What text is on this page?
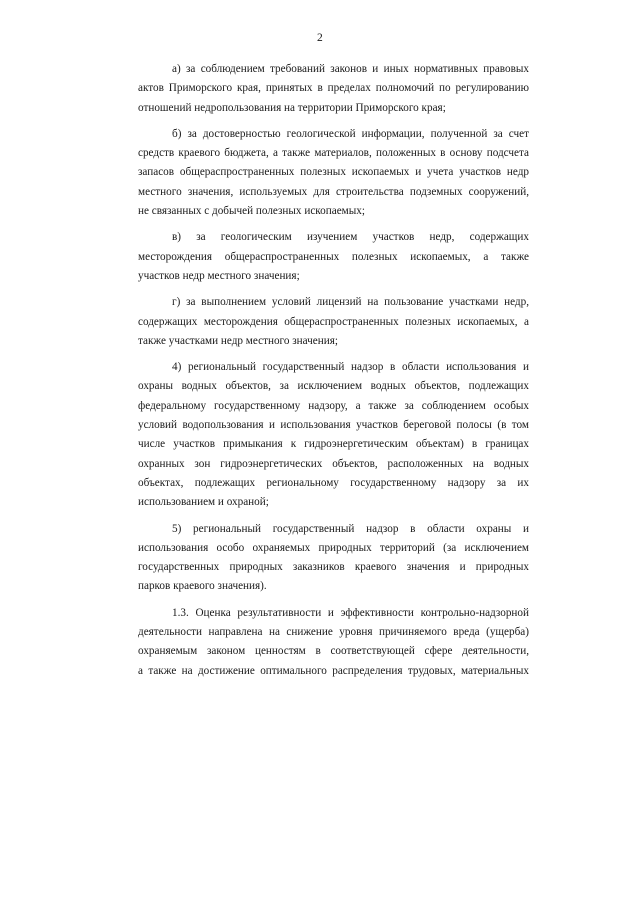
2
а) за соблюдением требований законов и иных нормативных правовых
актов Приморского края, принятых в пределах полномочий по регулированию
отношений недропользования на территории Приморского края;
б) за достоверностью геологической информации, полученной за счет
средств краевого бюджета, а также материалов, положенных в основу подсчета
запасов общераспространенных полезных ископаемых и учета участков недр
местного значения, используемых для строительства подземных сооружений,
не связанных с добычей полезных ископаемых;
в) за геологическим изучением участков недр, содержащих
месторождения общераспространенных полезных ископаемых, а также
участков недр местного значения;
г) за выполнением условий лицензий на пользование участками недр,
содержащих месторождения общераспространенных полезных ископаемых, а
также участками недр местного значения;
4) региональный государственный надзор в области использования и
охраны водных объектов, за исключением водных объектов, подлежащих
федеральному государственному надзору, а также за соблюдением особых
условий водопользования и использования участков береговой полосы (в том
числе участков примыкания к гидроэнергетическим объектам) в границах
охранных зон гидроэнергетических объектов, расположенных на водных
объектах, подлежащих региональному государственному надзору за их
использованием и охраной;
5) региональный государственный надзор в области охраны и
использования особо охраняемых природных территорий (за исключением
государственных природных заказников краевого значения и природных
парков краевого значения).
1.3. Оценка результативности и эффективности контрольно-надзорной
деятельности направлена на снижение уровня причиняемого вреда (ущерба)
охраняемым законом ценностям в соответствующей сфере деятельности,
а также на достижение оптимального распределения трудовых, материальных
